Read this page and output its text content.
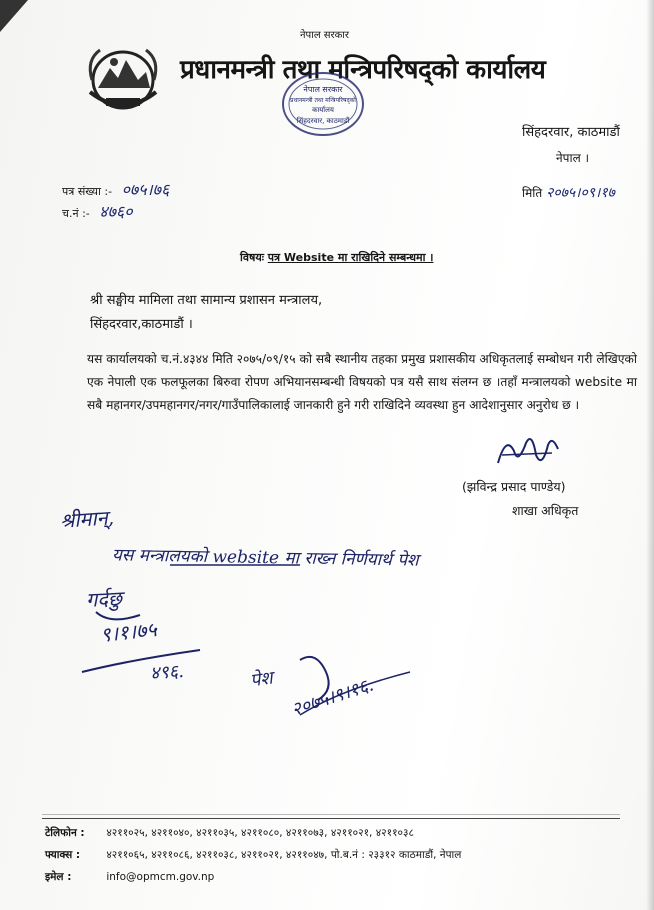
नेपाल सरकार
प्रधानमन्त्री तथा मन्त्रिपरिषद्‌को कार्यालय
नेपाल सरकार
प्रधानमन्त्री तथा मन्त्रिपरिषद्को
कार्यालय
सिंहदरवार, काठमाडौं
सिंहदरवार, काठमाडौं
नेपाल ।
पत्र संख्या :- ०७५।७६
च.नं :- ४७६०
मिति २०७५।०९।१७
विषयः पत्र Website मा राखिदिने सम्बन्धमा ।
श्री सङ्घीय मामिला तथा सामान्य प्रशासन मन्त्रालय,
सिंहदरवार,काठमाडौं ।
यस कार्यालयको च.नं.४३४४ मिति २०७५/०९/१५ को सबै स्थानीय तहका प्रमुख प्रशासकीय अधिकृतलाई सम्बोधन गरी लेखिएको एक नेपाली एक फलफूलका बिरुवा रोपण अभियानसम्बन्धी विषयको पत्र यसै साथ संलग्न छ ।तहाँ मन्त्रालयको website मा सबै महानगर/उपमहानगर/नगर/गाउँपालिकालाई जानकारी हुने गरी राखिदिने व्यवस्था हुन आदेशानुसार अनुरोध छ ।
(झविन्द्र प्रसाद पाण्डेय)
शाखा अधिकृत
श्रीमान्,
यस मन्त्रालयको website मा राख्न निर्णयार्थ पेश
गर्दछु
९।१।७५
४९६.	पेश २०७५।९।१६.
टेलिफोन : ४२११०२५, ४२११०४०, ४२११०३५, ४२११०८०, ४२११०७३, ४२११०२१, ४२११०३८
फ्याक्स :	४२११०६५, ४२११०८६, ४२११०३८, ४२११०२१, ४२११०४७, पो.ब.नं : २३३१२ काठमाडौं, नेपाल
इमेल :	info@opmcm.gov.np
